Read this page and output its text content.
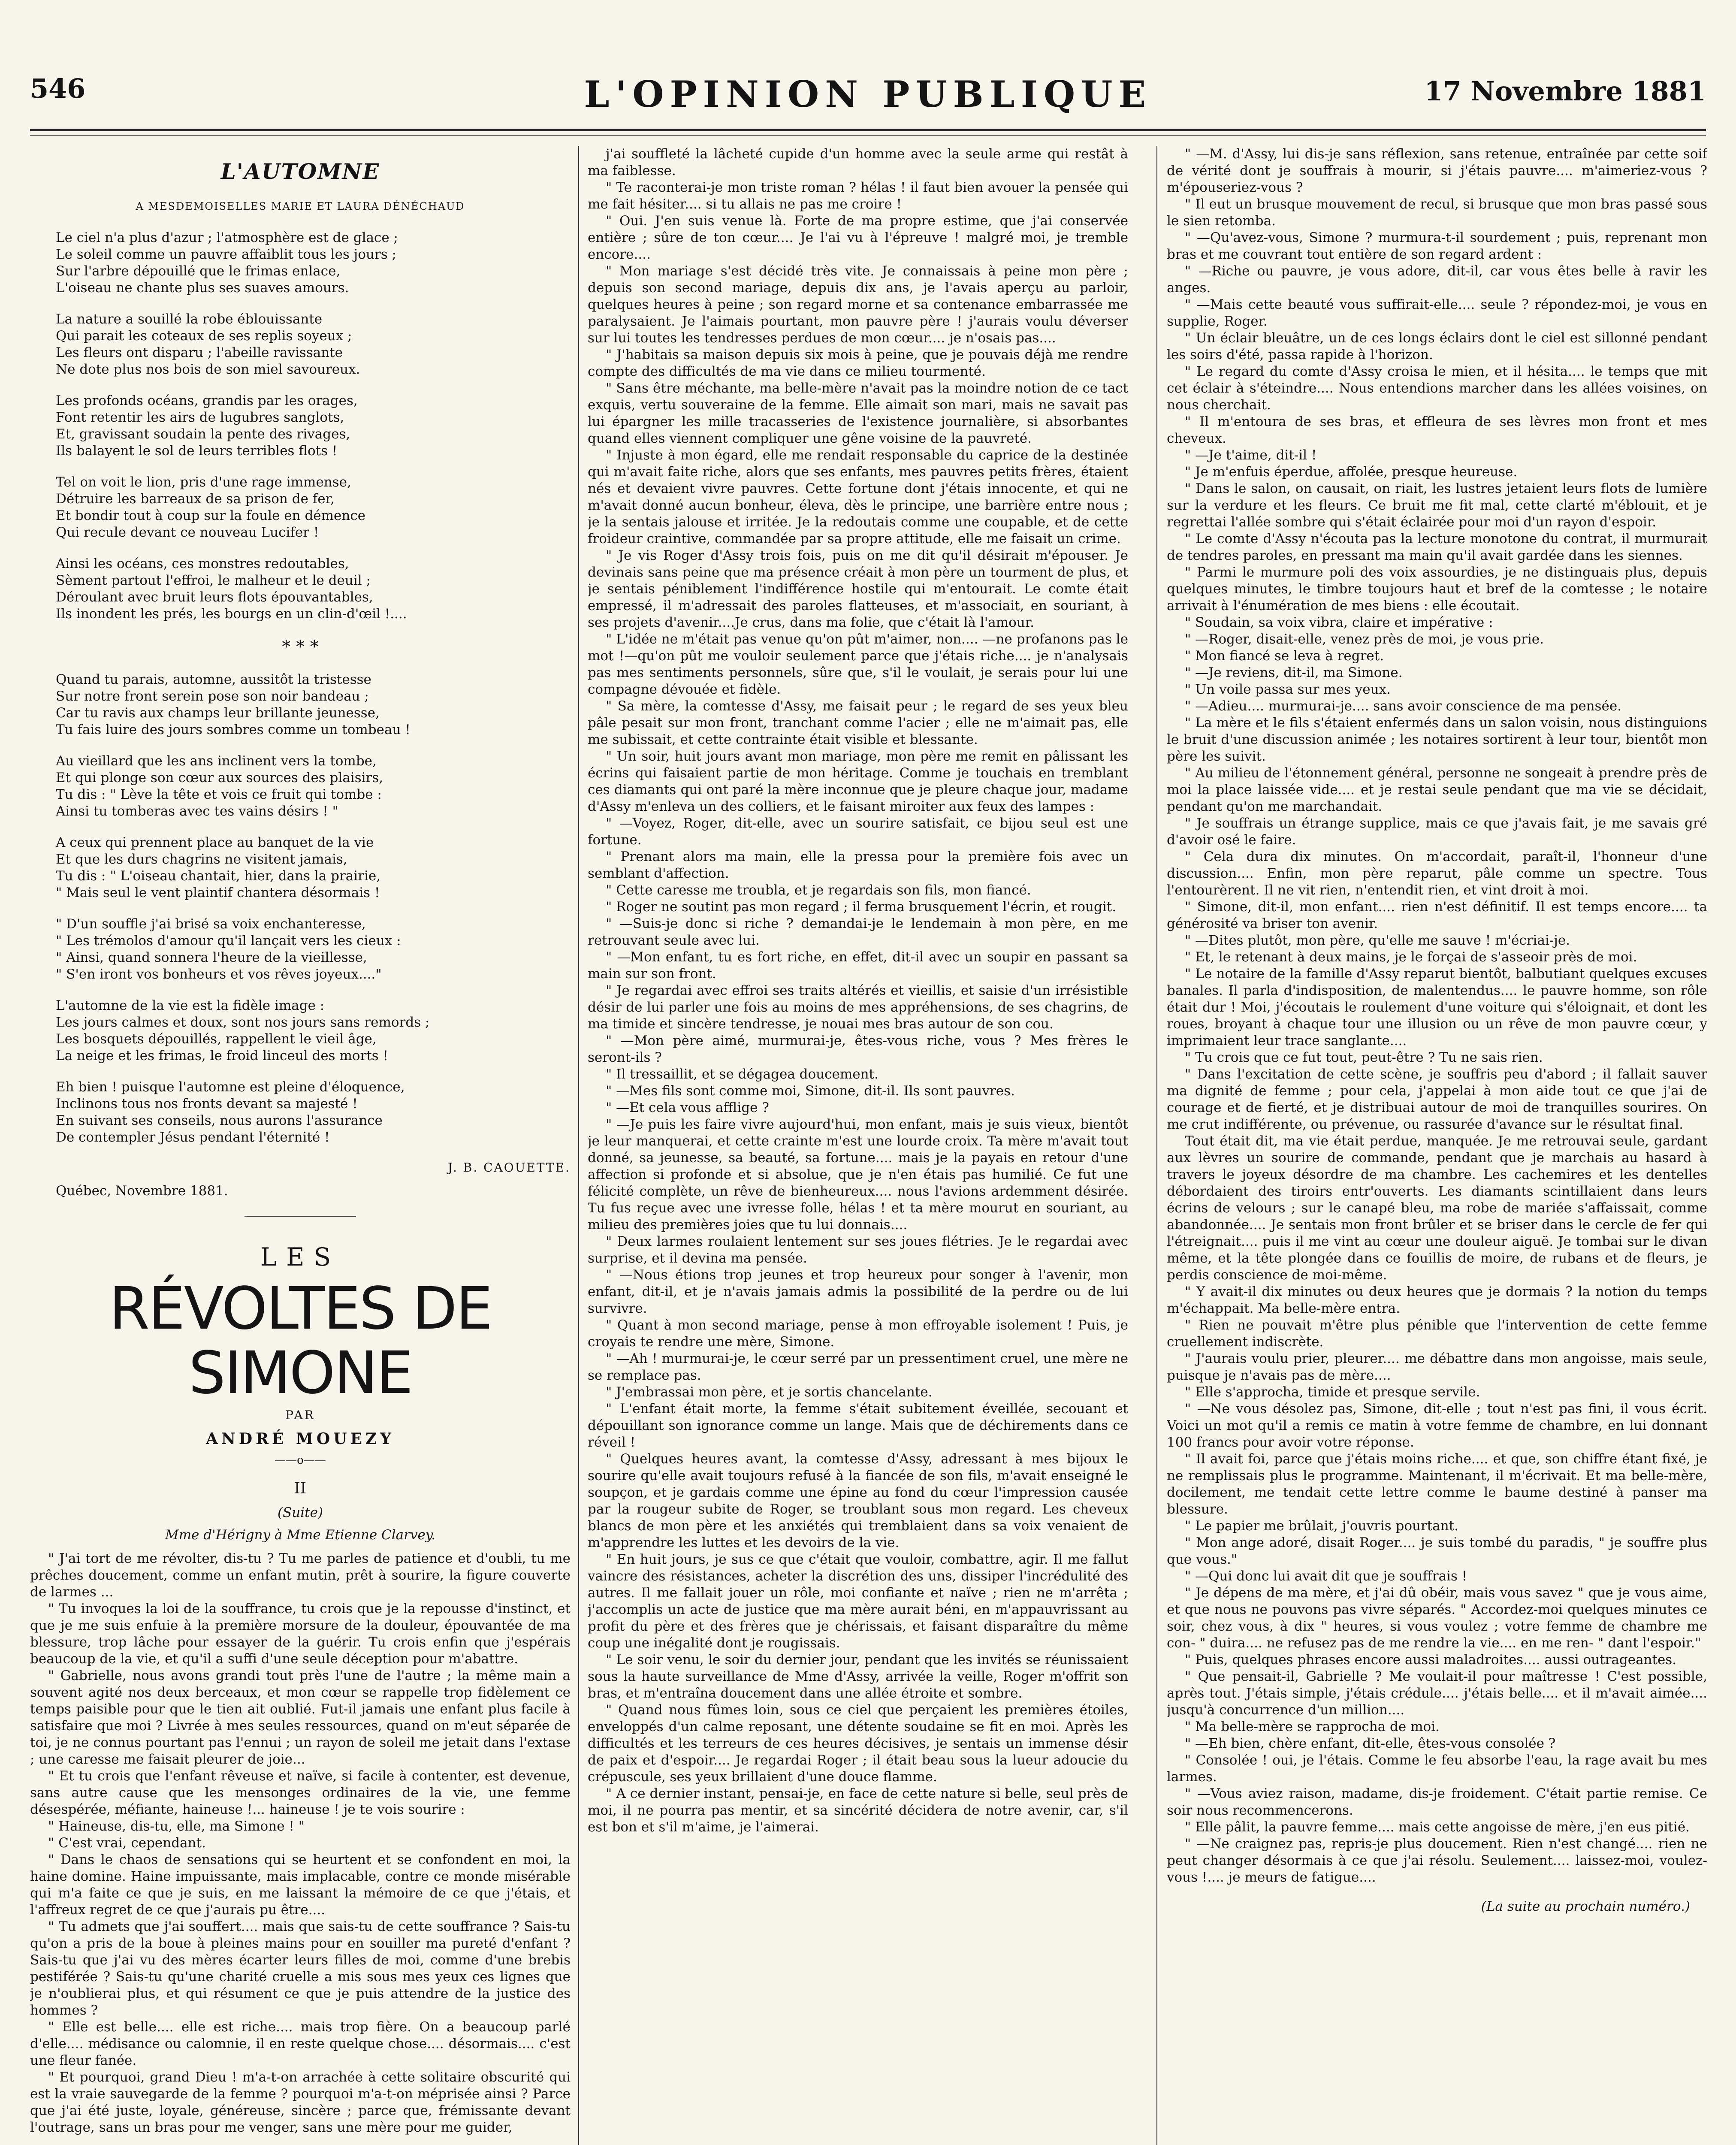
546	L'OPINION PUBLIQUE	17 Novembre 1881
L'AUTOMNE
A MESDEMOISELLES MARIE ET LAURA DÉNÉCHAUD
Le ciel n'a plus d'azur ; l'atmosphère est de glace ;
Le soleil comme un pauvre affaiblit tous les jours ;
Sur l'arbre dépouillé que le frimas enlace,
L'oiseau ne chante plus ses suaves amours.
La nature a souillé la robe éblouissante
Qui parait les coteaux de ses replis soyeux ;
Les fleurs ont disparu ; l'abeille ravissante
Ne dote plus nos bois de son miel savoureux.
Les profonds océans, grandis par les orages,
Font retentir les airs de lugubres sanglots,
Et, gravissant soudain la pente des rivages,
Ils balayent le sol de leurs terribles flots !
Tel on voit le lion, pris d'une rage immense,
Détruire les barreaux de sa prison de fer,
Et bondir tout à coup sur la foule en démence
Qui recule devant ce nouveau Lucifer !
Ainsi les océans, ces monstres redoutables,
Sèment partout l'effroi, le malheur et le deuil ;
Déroulant avec bruit leurs flots épouvantables,
Ils inondent les prés, les bourgs en un clin-d'œil !....
* * *
Quand tu parais, automne, aussitôt la tristesse
Sur notre front serein pose son noir bandeau ;
Car tu ravis aux champs leur brillante jeunesse,
Tu fais luire des jours sombres comme un tombeau !
Au vieillard que les ans inclinent vers la tombe,
Et qui plonge son cœur aux sources des plaisirs,
Tu dis : " Lève la tête et vois ce fruit qui tombe :
Ainsi tu tomberas avec tes vains désirs ! "
A ceux qui prennent place au banquet de la vie
Et que les durs chagrins ne visitent jamais,
Tu dis : " L'oiseau chantait, hier, dans la prairie,
" Mais seul le vent plaintif chantera désormais !
" D'un souffle j'ai brisé sa voix enchanteresse,
" Les trémolos d'amour qu'il lançait vers les cieux :
" Ainsi, quand sonnera l'heure de la vieillesse,
" S'en iront vos bonheurs et vos rêves joyeux...."
L'automne de la vie est la fidèle image :
Les jours calmes et doux, sont nos jours sans remords ;
Les bosquets dépouillés, rappellent le vieil âge,
La neige et les frimas, le froid linceul des morts !
Eh bien ! puisque l'automne est pleine d'éloquence,
Inclinons tous nos fronts devant sa majesté !
En suivant ses conseils, nous aurons l'assurance
De contempler Jésus pendant l'éternité !
J. B. CAOUETTE.
Québec, Novembre 1881.
LES
RÉVOLTES DE SIMONE
PAR
ANDRÉ MOUEZY
——o——
II
(Suite)
Mme d'Hérigny à Mme Etienne Clarvey.

" J'ai tort de me révolter, dis-tu ? Tu me parles de patience et d'oubli, tu me prêches doucement, comme un enfant mutin, prêt à sourire, la figure couverte de larmes ...

" Tu invoques la loi de la souffrance, tu crois que je la repousse d'instinct, et que je me suis enfuie à la première morsure de la douleur, épouvantée de ma blessure, trop lâche pour essayer de la guérir. Tu crois enfin que j'espérais beaucoup de la vie, et qu'il a suffi d'une seule déception pour m'abattre.

" Gabrielle, nous avons grandi tout près l'une de l'autre ; la même main a souvent agité nos deux berceaux, et mon cœur se rappelle trop fidèlement ce temps paisible pour que le tien ait oublié. Fut-il jamais une enfant plus facile à satisfaire que moi ? Livrée à mes seules ressources, quand on m'eut séparée de toi, je ne connus pourtant pas l'ennui ; un rayon de soleil me jetait dans l'extase ; une caresse me faisait pleurer de joie...

" Et tu crois que l'enfant rêveuse et naïve, si facile à contenter, est devenue, sans autre cause que les mensonges ordinaires de la vie, une femme désespérée, méfiante, haineuse !... haineuse ! je te vois sourire :

" Haineuse, dis-tu, elle, ma Simone ! "

" C'est vrai, cependant.

" Dans le chaos de sensations qui se heurtent et se confondent en moi, la haine domine. Haine impuissante, mais implacable, contre ce monde misérable qui m'a faite ce que je suis, en me laissant la mémoire de ce que j'étais, et l'affreux regret de ce que j'aurais pu être....

" Tu admets que j'ai souffert.... mais que sais-tu de cette souffrance ? Sais-tu qu'on a pris de la boue à pleines mains pour en souiller ma pureté d'enfant ? Sais-tu que j'ai vu des mères écarter leurs filles de moi, comme d'une brebis pestiférée ? Sais-tu qu'une charité cruelle a mis sous mes yeux ces lignes que je n'oublierai plus, et qui résument ce que je puis attendre de la justice des hommes ?

" Elle est belle.... elle est riche.... mais trop fière. On a beaucoup parlé d'elle.... médisance ou calomnie, il en reste quelque chose.... désormais.... c'est une fleur fanée.

" Et pourquoi, grand Dieu ! m'a-t-on arrachée à cette solitaire obscurité qui est la vraie sauvegarde de la femme ? pourquoi m'a-t-on méprisée ainsi ? Parce que j'ai été juste, loyale, généreuse, sincère ; parce que, frémissante devant l'outrage, sans un bras pour me venger, sans une mère pour me guider,

j'ai souffleté la lâcheté cupide d'un homme avec la seule arme qui restât à ma faiblesse.

" Te raconterai-je mon triste roman ? hélas ! il faut bien avouer la pensée qui me fait hésiter.... si tu allais ne pas me croire !

" Oui. J'en suis venue là. Forte de ma propre estime, que j'ai conservée entière ; sûre de ton cœur.... Je l'ai vu à l'épreuve ! malgré moi, je tremble encore....

" Mon mariage s'est décidé très vite. Je connaissais à peine mon père ; depuis son second mariage, depuis dix ans, je l'avais aperçu au parloir, quelques heures à peine ; son regard morne et sa contenance embarrassée me paralysaient. Je l'aimais pourtant, mon pauvre père ! j'aurais voulu déverser sur lui toutes les tendresses perdues de mon cœur.... je n'osais pas....

" J'habitais sa maison depuis six mois à peine, que je pouvais déjà me rendre compte des difficultés de ma vie dans ce milieu tourmenté.

" Sans être méchante, ma belle-mère n'avait pas la moindre notion de ce tact exquis, vertu souveraine de la femme. Elle aimait son mari, mais ne savait pas lui épargner les mille tracasseries de l'existence journalière, si absorbantes quand elles viennent compliquer une gêne voisine de la pauvreté.

" Injuste à mon égard, elle me rendait responsable du caprice de la destinée qui m'avait faite riche, alors que ses enfants, mes pauvres petits frères, étaient nés et devaient vivre pauvres. Cette fortune dont j'étais innocente, et qui ne m'avait donné aucun bonheur, éleva, dès le principe, une barrière entre nous ; je la sentais jalouse et irritée. Je la redoutais comme une coupable, et de cette froideur craintive, commandée par sa propre attitude, elle me faisait un crime.

" Je vis Roger d'Assy trois fois, puis on me dit qu'il désirait m'épouser. Je devinais sans peine que ma présence créait à mon père un tourment de plus, et je sentais péniblement l'indifférence hostile qui m'entourait. Le comte était empressé, il m'adressait des paroles flatteuses, et m'associait, en souriant, à ses projets d'avenir....Je crus, dans ma folie, que c'était là l'amour.

" L'idée ne m'était pas venue qu'on pût m'aimer, non.... —ne profanons pas le mot !—qu'on pût me vouloir seulement parce que j'étais riche.... je n'analysais pas mes sentiments personnels, sûre que, s'il le voulait, je serais pour lui une compagne dévouée et fidèle.

" Sa mère, la comtesse d'Assy, me faisait peur ; le regard de ses yeux bleu pâle pesait sur mon front, tranchant comme l'acier ; elle ne m'aimait pas, elle me subissait, et cette contrainte était visible et blessante.

" Un soir, huit jours avant mon mariage, mon père me remit en pâlissant les écrins qui faisaient partie de mon héritage. Comme je touchais en tremblant ces diamants qui ont paré la mère inconnue que je pleure chaque jour, madame d'Assy m'enleva un des colliers, et le faisant miroiter aux feux des lampes :

" —Voyez, Roger, dit-elle, avec un sourire satisfait, ce bijou seul est une fortune.

" Prenant alors ma main, elle la pressa pour la première fois avec un semblant d'affection.

" Cette caresse me troubla, et je regardais son fils, mon fiancé.

" Roger ne soutint pas mon regard ; il ferma brusquement l'écrin, et rougit.

" —Suis-je donc si riche ? demandai-je le lendemain à mon père, en me retrouvant seule avec lui.

" —Mon enfant, tu es fort riche, en effet, dit-il avec un soupir en passant sa main sur son front.

" Je regardai avec effroi ses traits altérés et vieillis, et saisie d'un irrésistible désir de lui parler une fois au moins de mes appréhensions, de ses chagrins, de ma timide et sincère tendresse, je nouai mes bras autour de son cou.

" —Mon père aimé, murmurai-je, êtes-vous riche, vous ? Mes frères le seront-ils ?

" Il tressaillit, et se dégagea doucement.

" —Mes fils sont comme moi, Simone, dit-il. Ils sont pauvres.

" —Et cela vous afflige ?

" —Je puis les faire vivre aujourd'hui, mon enfant, mais je suis vieux, bientôt je leur manquerai, et cette crainte m'est une lourde croix. Ta mère m'avait tout donné, sa jeunesse, sa beauté, sa fortune.... mais je la payais en retour d'une affection si profonde et si absolue, que je n'en étais pas humilié. Ce fut une félicité complète, un rêve de bienheureux.... nous l'avions ardemment désirée. Tu fus reçue avec une ivresse folle, hélas ! et ta mère mourut en souriant, au milieu des premières joies que tu lui donnais....

" Deux larmes roulaient lentement sur ses joues flétries. Je le regardai avec surprise, et il devina ma pensée.

" —Nous étions trop jeunes et trop heureux pour songer à l'avenir, mon enfant, dit-il, et je n'avais jamais admis la possibilité de la perdre ou de lui survivre.

" Quant à mon second mariage, pense à mon effroyable isolement ! Puis, je croyais te rendre une mère, Simone.

" —Ah ! murmurai-je, le cœur serré par un pressentiment cruel, une mère ne se remplace pas.

" J'embrassai mon père, et je sortis chancelante.

" L'enfant était morte, la femme s'était subitement éveillée, secouant et dépouillant son ignorance comme un lange. Mais que de déchirements dans ce réveil !

" Quelques heures avant, la comtesse d'Assy, adressant à mes bijoux le sourire qu'elle avait toujours refusé à la fiancée de son fils, m'avait enseigné le soupçon, et je gardais comme une épine au fond du cœur l'impression causée par la rougeur subite de Roger, se troublant sous mon regard. Les cheveux blancs de mon père et les anxiétés qui tremblaient dans sa voix venaient de m'apprendre les luttes et les devoirs de la vie.

" En huit jours, je sus ce que c'était que vouloir, combattre, agir. Il me fallut vaincre des résistances, acheter la discrétion des uns, dissiper l'incrédulité des autres. Il me fallait jouer un rôle, moi confiante et naïve ; rien ne m'arrêta ; j'accomplis un acte de justice que ma mère aurait béni, en m'appauvrissant au profit du père et des frères que je chérissais, et faisant disparaître du même coup une inégalité dont je rougissais.

" Le soir venu, le soir du dernier jour, pendant que les invités se réunissaient sous la haute surveillance de Mme d'Assy, arrivée la veille, Roger m'offrit son bras, et m'entraîna doucement dans une allée étroite et sombre.

" Quand nous fûmes loin, sous ce ciel que perçaient les premières étoiles, enveloppés d'un calme reposant, une détente soudaine se fit en moi. Après les difficultés et les terreurs de ces heures décisives, je sentais un immense désir de paix et d'espoir.... Je regardai Roger ; il était beau sous la lueur adoucie du crépuscule, ses yeux brillaient d'une douce flamme.

" A ce dernier instant, pensai-je, en face de cette nature si belle, seul près de moi, il ne pourra pas mentir, et sa sincérité décidera de notre avenir, car, s'il est bon et s'il m'aime, je l'aimerai.

" —M. d'Assy, lui dis-je sans réflexion, sans retenue, entraînée par cette soif de vérité dont je souffrais à mourir, si j'étais pauvre.... m'aimeriez-vous ? m'épouseriez-vous ?

" Il eut un brusque mouvement de recul, si brusque que mon bras passé sous le sien retomba.

" —Qu'avez-vous, Simone ? murmura-t-il sourdement ; puis, reprenant mon bras et me couvrant tout entière de son regard ardent :

" —Riche ou pauvre, je vous adore, dit-il, car vous êtes belle à ravir les anges.

" —Mais cette beauté vous suffirait-elle.... seule ? répondez-moi, je vous en supplie, Roger.

" Un éclair bleuâtre, un de ces longs éclairs dont le ciel est sillonné pendant les soirs d'été, passa rapide à l'horizon.

" Le regard du comte d'Assy croisa le mien, et il hésita.... le temps que mit cet éclair à s'éteindre.... Nous entendions marcher dans les allées voisines, on nous cherchait.

" Il m'entoura de ses bras, et effleura de ses lèvres mon front et mes cheveux.

" —Je t'aime, dit-il !

" Je m'enfuis éperdue, affolée, presque heureuse.

" Dans le salon, on causait, on riait, les lustres jetaient leurs flots de lumière sur la verdure et les fleurs. Ce bruit me fit mal, cette clarté m'éblouit, et je regrettai l'allée sombre qui s'était éclairée pour moi d'un rayon d'espoir.

" Le comte d'Assy n'écouta pas la lecture monotone du contrat, il murmurait de tendres paroles, en pressant ma main qu'il avait gardée dans les siennes.

" Parmi le murmure poli des voix assourdies, je ne distinguais plus, depuis quelques minutes, le timbre toujours haut et bref de la comtesse ; le notaire arrivait à l'énumération de mes biens : elle écoutait.

" Soudain, sa voix vibra, claire et impérative :

" —Roger, disait-elle, venez près de moi, je vous prie.

" Mon fiancé se leva à regret.

" —Je reviens, dit-il, ma Simone.

" Un voile passa sur mes yeux.

" —Adieu.... murmurai-je.... sans avoir conscience de ma pensée.

" La mère et le fils s'étaient enfermés dans un salon voisin, nous distinguions le bruit d'une discussion animée ; les notaires sortirent à leur tour, bientôt mon père les suivit.

" Au milieu de l'étonnement général, personne ne songeait à prendre près de moi la place laissée vide.... et je restai seule pendant que ma vie se décidait, pendant qu'on me marchandait.

" Je souffrais un étrange supplice, mais ce que j'avais fait, je me savais gré d'avoir osé le faire.

" Cela dura dix minutes. On m'accordait, paraît-il, l'honneur d'une discussion.... Enfin, mon père reparut, pâle comme un spectre. Tous l'entourèrent. Il ne vit rien, n'entendit rien, et vint droit à moi.

" Simone, dit-il, mon enfant.... rien n'est définitif. Il est temps encore.... ta générosité va briser ton avenir.

" —Dites plutôt, mon père, qu'elle me sauve ! m'écriai-je.

" Et, le retenant à deux mains, je le forçai de s'asseoir près de moi.

" Le notaire de la famille d'Assy reparut bientôt, balbutiant quelques excuses banales. Il parla d'indisposition, de malentendus.... le pauvre homme, son rôle était dur ! Moi, j'écoutais le roulement d'une voiture qui s'éloignait, et dont les roues, broyant à chaque tour une illusion ou un rêve de mon pauvre cœur, y imprimaient leur trace sanglante....

" Tu crois que ce fut tout, peut-être ? Tu ne sais rien.

" Dans l'excitation de cette scène, je souffris peu d'abord ; il fallait sauver ma dignité de femme ; pour cela, j'appelai à mon aide tout ce que j'ai de courage et de fierté, et je distribuai autour de moi de tranquilles sourires. On me crut indifférente, ou prévenue, ou rassurée d'avance sur le résultat final.

Tout était dit, ma vie était perdue, manquée. Je me retrouvai seule, gardant aux lèvres un sourire de commande, pendant que je marchais au hasard à travers le joyeux désordre de ma chambre. Les cachemires et les dentelles débordaient des tiroirs entr'ouverts. Les diamants scintillaient dans leurs écrins de velours ; sur le canapé bleu, ma robe de mariée s'affaissait, comme abandonnée.... Je sentais mon front brûler et se briser dans le cercle de fer qui l'étreignait.... puis il me vint au cœur une douleur aiguë. Je tombai sur le divan même, et la tête plongée dans ce fouillis de moire, de rubans et de fleurs, je perdis conscience de moi-même.

" Y avait-il dix minutes ou deux heures que je dormais ? la notion du temps m'échappait. Ma belle-mère entra.

" Rien ne pouvait m'être plus pénible que l'intervention de cette femme cruellement indiscrète.

" J'aurais voulu prier, pleurer.... me débattre dans mon angoisse, mais seule, puisque je n'avais pas de mère....

" Elle s'approcha, timide et presque servile.

" —Ne vous désolez pas, Simone, dit-elle ; tout n'est pas fini, il vous écrit. Voici un mot qu'il a remis ce matin à votre femme de chambre, en lui donnant 100 francs pour avoir votre réponse.

" Il avait foi, parce que j'étais moins riche.... et que, son chiffre étant fixé, je ne remplissais plus le programme. Maintenant, il m'écrivait. Et ma belle-mère, docilement, me tendait cette lettre comme le baume destiné à panser ma blessure.

" Le papier me brûlait, j'ouvris pourtant.

" Mon ange adoré, disait Roger.... je suis tombé du paradis, " je souffre plus que vous."

" —Qui donc lui avait dit que je souffrais !

" Je dépens de ma mère, et j'ai dû obéir, mais vous savez " que je vous aime, et que nous ne pouvons pas vivre séparés. " Accordez-moi quelques minutes ce soir, chez vous, à dix " heures, si vous voulez ; votre femme de chambre me con- " duira.... ne refusez pas de me rendre la vie.... en me ren- " dant l'espoir."

" Puis, quelques phrases encore aussi maladroites.... aussi outrageantes.

" Que pensait-il, Gabrielle ? Me voulait-il pour maîtresse ! C'est possible, après tout. J'étais simple, j'étais crédule.... j'étais belle.... et il m'avait aimée.... jusqu'à concurrence d'un million....

" Ma belle-mère se rapprocha de moi.

" —Eh bien, chère enfant, dit-elle, êtes-vous consolée ?

" Consolée ! oui, je l'étais. Comme le feu absorbe l'eau, la rage avait bu mes larmes.

" —Vous aviez raison, madame, dis-je froidement. C'était partie remise. Ce soir nous recommencerons.

" Elle pâlit, la pauvre femme.... mais cette angoisse de mère, j'en eus pitié.

" —Ne craignez pas, repris-je plus doucement. Rien n'est changé.... rien ne peut changer désormais à ce que j'ai résolu. Seulement.... laissez-moi, voulez-vous !.... je meurs de fatigue....

(La suite au prochain numéro.)
